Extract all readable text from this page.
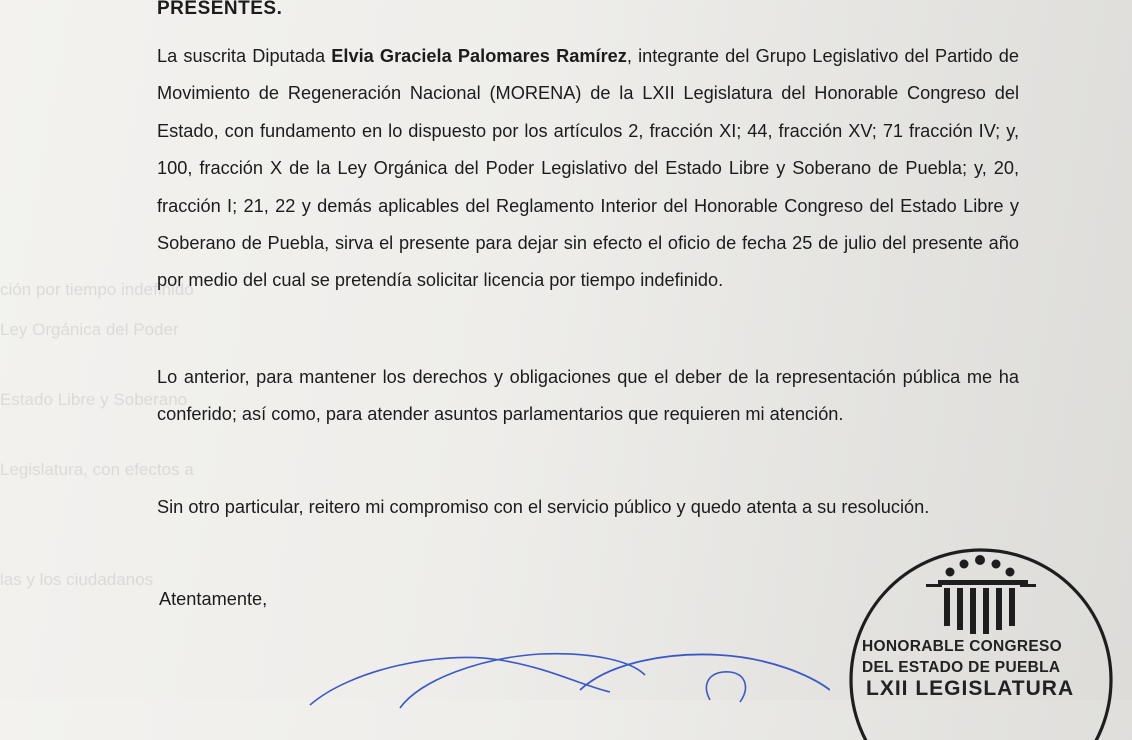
ción por tiempo indefinido
Ley Orgánica del Poder
Estado Libre y Soberano
Legislatura, con efectos a
las y los ciudadanos
PRESENTES.
La suscrita Diputada Elvia Graciela Palomares Ramírez, integrante del Grupo Legislativo del Partido de Movimiento de Regeneración Nacional (MORENA) de la LXII Legislatura del Honorable Congreso del Estado, con fundamento en lo dispuesto por los artículos 2, fracción XI; 44, fracción XV; 71 fracción IV; y, 100, fracción X de la Ley Orgánica del Poder Legislativo del Estado Libre y Soberano de Puebla; y, 20, fracción I; 21, 22 y demás aplicables del Reglamento Interior del Honorable Congreso del Estado Libre y Soberano de Puebla, sirva el presente para dejar sin efecto el oficio de fecha 25 de julio del presente año por medio del cual se pretendía solicitar licencia por tiempo indefinido.
Lo anterior, para mantener los derechos y obligaciones que el deber de la representación pública me ha conferido; así como, para atender asuntos parlamentarios que requieren mi atención.
Sin otro particular, reitero mi compromiso con el servicio público y quedo atenta a su resolución.
Atentamente,
HONORABLE CONGRESO
DEL ESTADO DE PUEBLA
LXII LEGISLATURA
